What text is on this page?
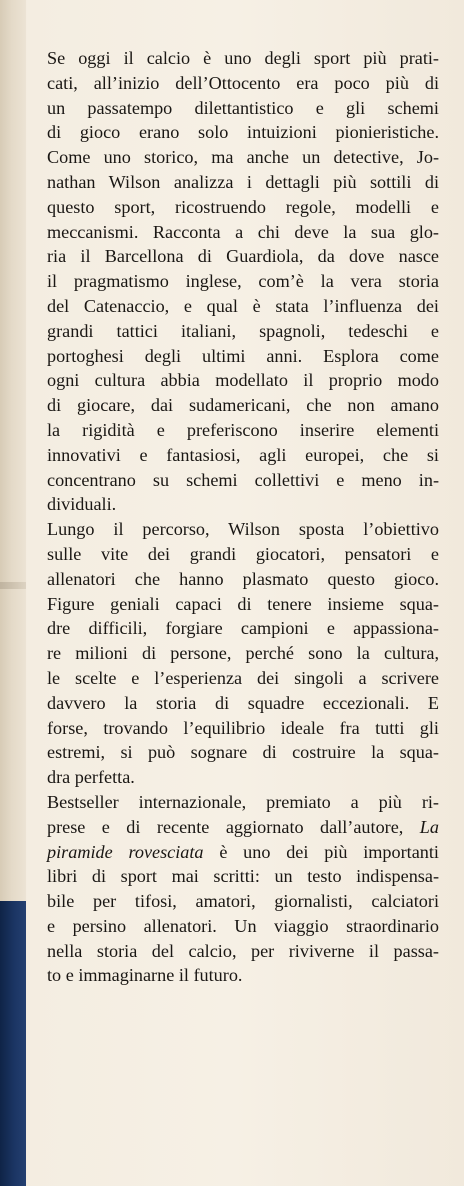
Se oggi il calcio è uno degli sport più prati-
cati, all’inizio dell’Ottocento era poco più di
un passatempo dilettantistico e gli schemi
di gioco erano solo intuizioni pionieristiche.
Come uno storico, ma anche un detective, Jo-
nathan Wilson analizza i dettagli più sottili di
questo sport, ricostruendo regole, modelli e
meccanismi. Racconta a chi deve la sua glo-
ria il Barcellona di Guardiola, da dove nasce
il pragmatismo inglese, com’è la vera storia
del Catenaccio, e qual è stata l’influenza dei
grandi tattici italiani, spagnoli, tedeschi e
portoghesi degli ultimi anni. Esplora come
ogni cultura abbia modellato il proprio modo
di giocare, dai sudamericani, che non amano
la rigidità e preferiscono inserire elementi
innovativi e fantasiosi, agli europei, che si
concentrano su schemi collettivi e meno in-
dividuali.
Lungo il percorso, Wilson sposta l’obiettivo
sulle vite dei grandi giocatori, pensatori e
allenatori che hanno plasmato questo gioco.
Figure geniali capaci di tenere insieme squa-
dre difficili, forgiare campioni e appassiona-
re milioni di persone, perché sono la cultura,
le scelte e l’esperienza dei singoli a scrivere
davvero la storia di squadre eccezionali. E
forse, trovando l’equilibrio ideale fra tutti gli
estremi, si può sognare di costruire la squa-
dra perfetta.
Bestseller internazionale, premiato a più ri-
prese e di recente aggiornato dall’autore, La
piramide rovesciata è uno dei più importanti
libri di sport mai scritti: un testo indispensa-
bile per tifosi, amatori, giornalisti, calciatori
e persino allenatori. Un viaggio straordinario
nella storia del calcio, per riviverne il passa-
to e immaginarne il futuro.
